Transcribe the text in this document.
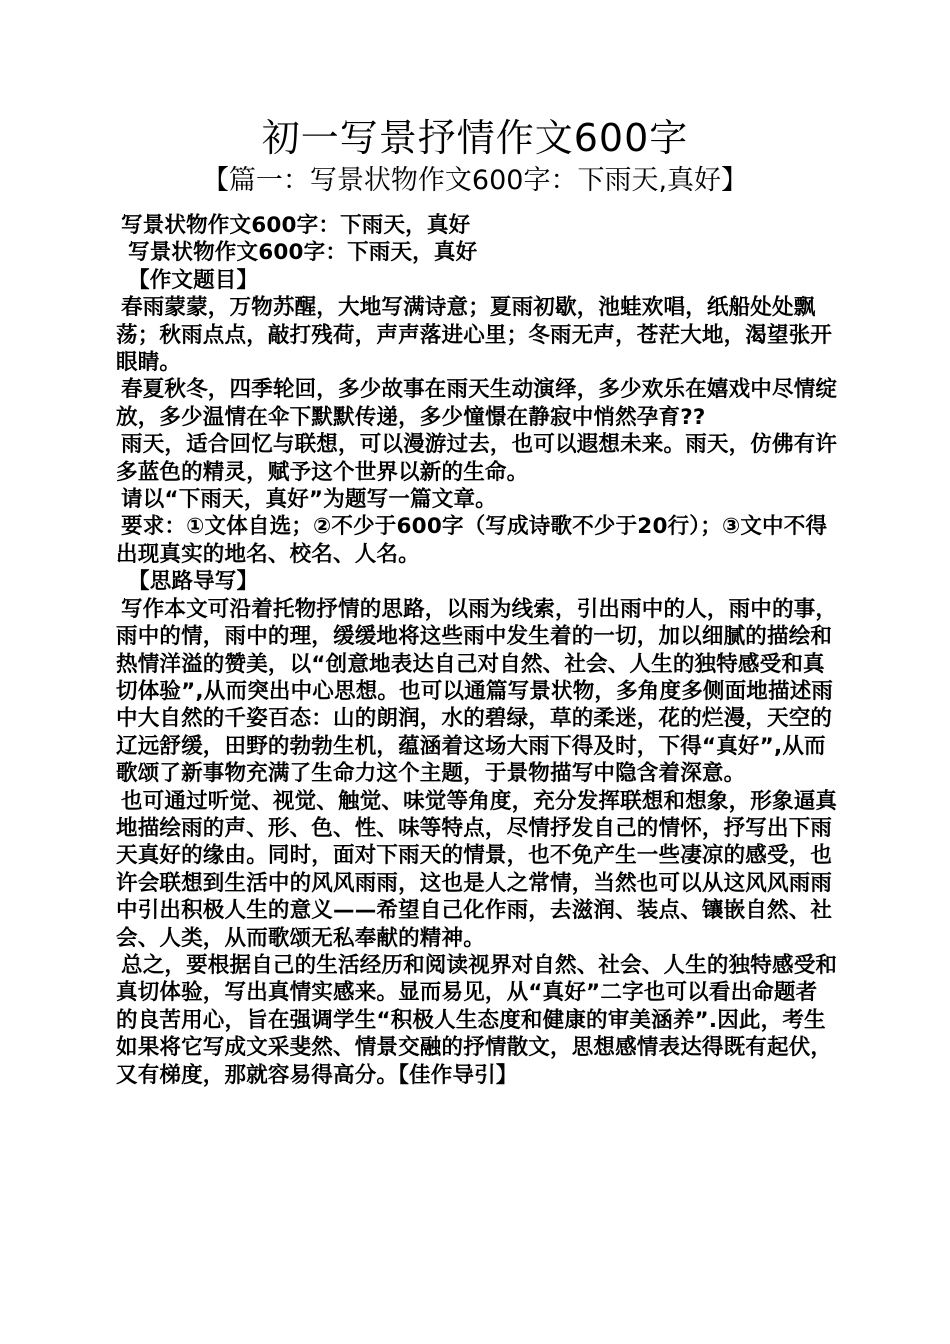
初一写景抒情作文600字
【篇一：写景状物作文600字：下雨天,真好】

写景状物作文600字：下雨天，真好

写景状物作文600字：下雨天，真好

【作文题目】

春雨蒙蒙，万物苏醒，大地写满诗意；夏雨初歇，池蛙欢唱，纸船处处飘荡；秋雨点点，敲打残荷，声声落进心里；冬雨无声，苍茫大地，渴望张开眼睛。

春夏秋冬，四季轮回，多少故事在雨天生动演绎，多少欢乐在嬉戏中尽情绽放，多少温情在伞下默默传递，多少憧憬在静寂中悄然孕育??

雨天，适合回忆与联想，可以漫游过去，也可以遐想未来。雨天，仿佛有许多蓝色的精灵，赋予这个世界以新的生命。

请以“下雨天，真好”为题写一篇文章。

要求：①文体自选；②不少于600字（写成诗歌不少于20行）；③文中不得出现真实的地名、校名、人名。

【思路导写】

写作本文可沿着托物抒情的思路，以雨为线索，引出雨中的人，雨中的事，雨中的情，雨中的理，缓缓地将这些雨中发生着的一切，加以细腻的描绘和热情洋溢的赞美，以“创意地表达自己对自然、社会、人生的独特感受和真切体验”,从而突出中心思想。也可以通篇写景状物，多角度多侧面地描述雨中大自然的千姿百态：山的朗润，水的碧绿，草的柔迷，花的烂漫，天空的辽远舒缓，田野的勃勃生机，蕴涵着这场大雨下得及时，下得“真好”,从而歌颂了新事物充满了生命力这个主题，于景物描写中隐含着深意。

也可通过听觉、视觉、触觉、味觉等角度，充分发挥联想和想象，形象逼真地描绘雨的声、形、色、性、味等特点，尽情抒发自己的情怀，抒写出下雨天真好的缘由。同时，面对下雨天的情景，也不免产生一些凄凉的感受，也许会联想到生活中的风风雨雨，这也是人之常情，当然也可以从这风风雨雨中引出积极人生的意义——希望自己化作雨，去滋润、装点、镶嵌自然、社会、人类，从而歌颂无私奉献的精神。

总之，要根据自己的生活经历和阅读视界对自然、社会、人生的独特感受和真切体验，写出真情实感来。显而易见，从“真好”二字也可以看出命题者的良苦用心，旨在强调学生“积极人生态度和健康的审美涵养”.因此，考生如果将它写成文采斐然、情景交融的抒情散文，思想感情表达得既有起伏，又有梯度，那就容易得高分。【佳作导引】
